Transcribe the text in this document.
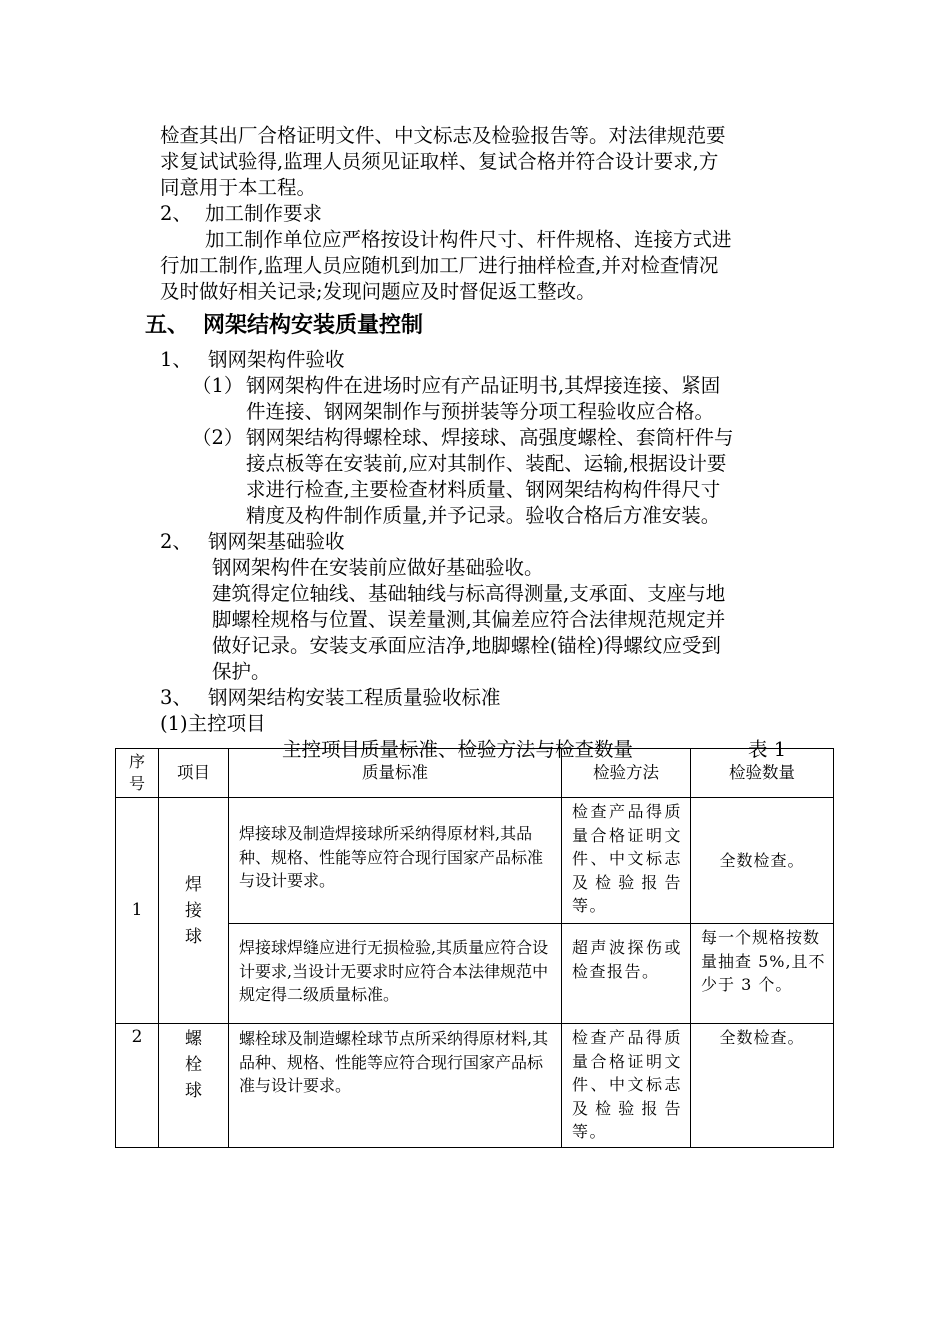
检查其出厂合格证明文件、中文标志及检验报告等。对法律规范要
求复试试验得,监理人员须见证取样、复试合格并符合设计要求,方
同意用于本工程。
2、 加工制作要求
加工制作单位应严格按设计构件尺寸、杆件规格、连接方式进
行加工制作,监理人员应随机到加工厂进行抽样检查,并对检查情况
及时做好相关记录;发现问题应及时督促返工整改。
五、 网架结构安装质量控制
1、 钢网架构件验收
（1） 钢网架构件在进场时应有产品证明书,其焊接连接、紧固
件连接、钢网架制作与预拼装等分项工程验收应合格。
（2） 钢网架结构得螺栓球、焊接球、高强度螺栓、套筒杆件与
接点板等在安装前,应对其制作、装配、运输,根据设计要
求进行检查,主要检查材料质量、钢网架结构构件得尺寸
精度及构件制作质量,并予记录。验收合格后方准安装。
2、 钢网架基础验收
钢网架构件在安装前应做好基础验收。
建筑得定位轴线、基础轴线与标高得测量,支承面、支座与地
脚螺栓规格与位置、误差量测,其偏差应符合法律规范规定并
做好记录。安装支承面应洁净,地脚螺栓(锚栓)得螺纹应受到
保护。
3、 钢网架结构安装工程质量验收标准
(1)主控项目
主控项目质量标准、检验方法与检查数量	表 1
序号	项目	质量标准	检验方法	检验数量
1	焊接球	焊接球及制造焊接球所采纳得原材料,其品种、规格、性能等应符合现行国家产品标准与设计要求。	检查产品得质量合格证明文件、中文标志及检验报告等。	全数检查。

		焊接球焊缝应进行无损检验,其质量应符合设计要求,当设计无要求时应符合本法律规范中规定得二级质量标准。	超声波探伤或检查报告。	每一个规格按数量抽查 5%,且不少于 3 个。

2	螺栓球	螺栓球及制造螺栓球节点所采纳得原材料,其品种、规格、性能等应符合现行国家产品标准与设计要求。	检查产品得质量合格证明文件、中文标志及检验报告等。	全数检查。
